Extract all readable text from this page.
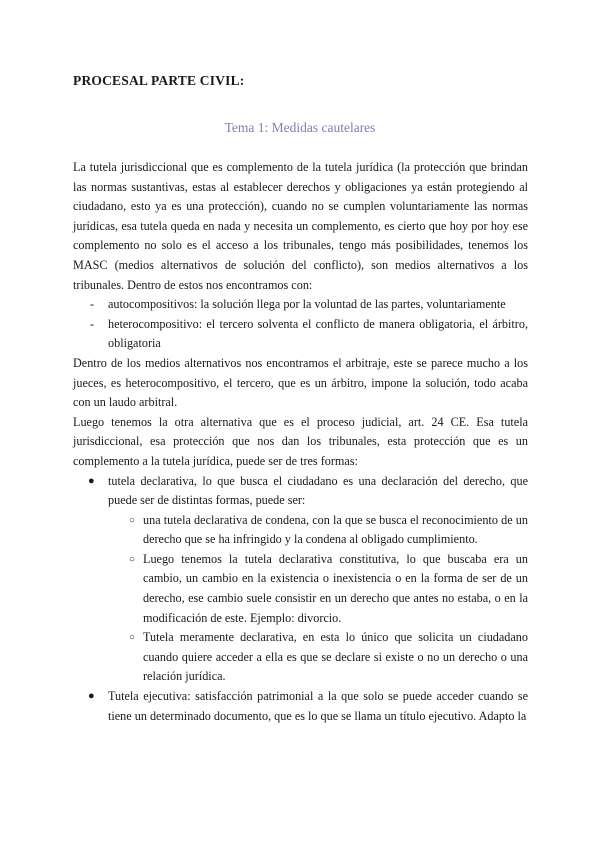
PROCESAL PARTE CIVIL:
Tema 1: Medidas cautelares

La tutela jurisdiccional que es complemento de la tutela jurídica (la protección que brindan las normas sustantivas, estas al establecer derechos y obligaciones ya están protegiendo al ciudadano, esto ya es una protección), cuando no se cumplen voluntariamente las normas jurídicas, esa tutela queda en nada y necesita un complemento, es cierto que hoy por hoy ese complemento no solo es el acceso a los tribunales, tengo más posibilidades, tenemos los MASC (medios alternativos de solución del conflicto), son medios alternativos a los tribunales. Dentro de estos nos encontramos con:

- autocompositivos: la solución llega por la voluntad de las partes, voluntariamente
- heterocompositivo: el tercero solventa el conflicto de manera obligatoria, el árbitro, obligatoria

Dentro de los medios alternativos nos encontramos el arbitraje, este se parece mucho a los jueces, es heterocompositivo, el tercero, que es un árbitro, impone la solución, todo acaba con un laudo arbitral.

Luego tenemos la otra alternativa que es el proceso judicial, art. 24 CE. Esa tutela jurisdiccional, esa protección que nos dan los tribunales, esta protección que es un complemento a la tutela jurídica, puede ser de tres formas:

● tutela declarativa, lo que busca el ciudadano es una declaración del derecho, que puede ser de distintas formas, puede ser:
○ una tutela declarativa de condena, con la que se busca el reconocimiento de un derecho que se ha infringido y la condena al obligado cumplimiento.
○ Luego tenemos la tutela declarativa constitutiva, lo que buscaba era un cambio, un cambio en la existencia o inexistencia o en la forma de ser de un derecho, ese cambio suele consistir en un derecho que antes no estaba, o en la modificación de este. Ejemplo: divorcio.
○ Tutela meramente declarativa, en esta lo único que solicita un ciudadano cuando quiere acceder a ella es que se declare si existe o no un derecho o una relación jurídica.
● Tutela ejecutiva: satisfacción patrimonial a la que solo se puede acceder cuando se tiene un determinado documento, que es lo que se llama un título ejecutivo. Adapto la
